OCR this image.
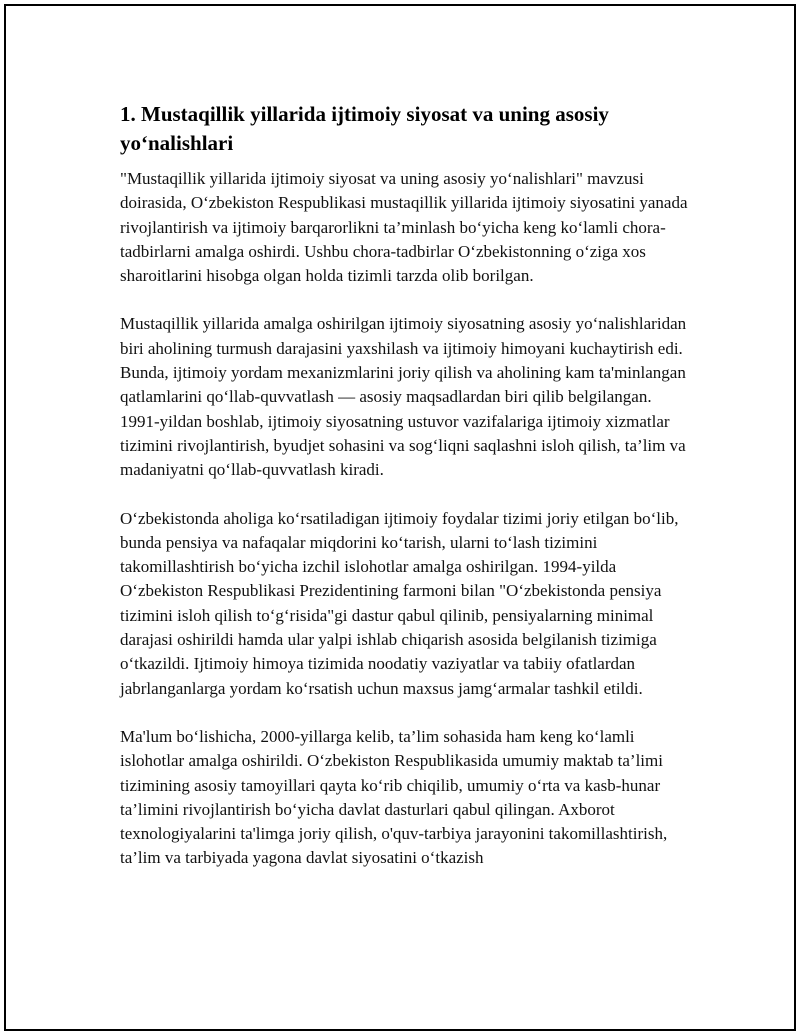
1. Mustaqillik yillarida ijtimoiy siyosat va uning asosiy yo‘nalishlari

"Mustaqillik yillarida ijtimoiy siyosat va uning asosiy yo‘nalishlari" mavzusi doirasida, O‘zbekiston Respublikasi mustaqillik yillarida ijtimoiy siyosatini yanada rivojlantirish va ijtimoiy barqarorlikni ta’minlash bo‘yicha keng ko‘lamli chora-tadbirlarni amalga oshirdi. Ushbu chora-tadbirlar O‘zbekistonning o‘ziga xos sharoitlarini hisobga olgan holda tizimli tarzda olib borilgan.

Mustaqillik yillarida amalga oshirilgan ijtimoiy siyosatning asosiy yo‘nalishlaridan biri aholining turmush darajasini yaxshilash va ijtimoiy himoyani kuchaytirish edi. Bunda, ijtimoiy yordam mexanizmlarini joriy qilish va aholining kam ta'minlangan qatlamlarini qo‘llab-quvvatlash — asosiy maqsadlardan biri qilib belgilangan. 1991-yildan boshlab, ijtimoiy siyosatning ustuvor vazifalariga ijtimoiy xizmatlar tizimini rivojlantirish, byudjet sohasini va sog‘liqni saqlashni isloh qilish, ta’lim va madaniyatni qo‘llab-quvvatlash kiradi.

O‘zbekistonda aholiga ko‘rsatiladigan ijtimoiy foydalar tizimi joriy etilgan bo‘lib, bunda pensiya va nafaqalar miqdorini ko‘tarish, ularni to‘lash tizimini takomillashtirish bo‘yicha izchil islohotlar amalga oshirilgan. 1994-yilda O‘zbekiston Respublikasi Prezidentining farmoni bilan "O‘zbekistonda pensiya tizimini isloh qilish to‘g‘risida"gi dastur qabul qilinib, pensiyalarning minimal darajasi oshirildi hamda ular yalpi ishlab chiqarish asosida belgilanish tizimiga o‘tkazildi. Ijtimoiy himoya tizimida noodatiy vaziyatlar va tabiiy ofatlardan jabrlanganlarga yordam ko‘rsatish uchun maxsus jamg‘armalar tashkil etildi.

Ma'lum bo‘lishicha, 2000-yillarga kelib, ta’lim sohasida ham keng ko‘lamli islohotlar amalga oshirildi. O‘zbekiston Respublikasida umumiy maktab ta’limi tizimining asosiy tamoyillari qayta ko‘rib chiqilib, umumiy o‘rta va kasb-hunar ta’limini rivojlantirish bo‘yicha davlat dasturlari qabul qilingan. Axborot texnologiyalarini ta'limga joriy qilish, o'quv-tarbiya jarayonini takomillashtirish, ta’lim va tarbiyada yagona davlat siyosatini o‘tkazish
